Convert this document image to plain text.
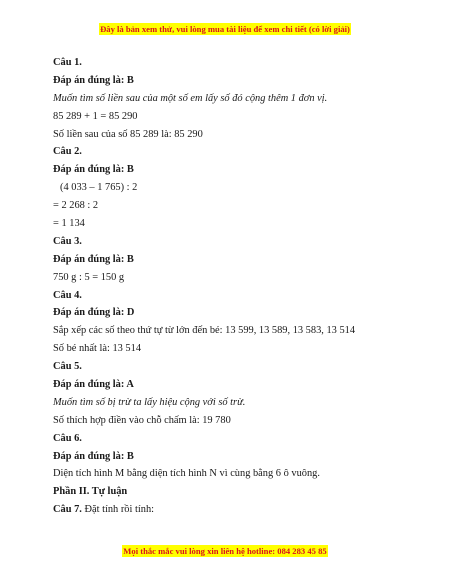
Đây là bản xem thử, vui lòng mua tài liệu để xem chi tiết (có lời giải)
Câu 1.
Đáp án đúng là: B
Muốn tìm số liền sau của một số em lấy số đó cộng thêm 1 đơn vị.
85 289 + 1 = 85 290
Số liền sau của số 85 289 là: 85 290
Câu 2.
Đáp án đúng là: B
(4 033 – 1 765) : 2
= 2 268 : 2
= 1 134
Câu 3.
Đáp án đúng là: B
750 g : 5 = 150 g
Câu 4.
Đáp án đúng là: D
Sắp xếp các số theo thứ tự từ lớn đến bé: 13 599, 13 589, 13 583, 13 514
Số bé nhất là: 13 514
Câu 5.
Đáp án đúng là: A
Muốn tìm số bị trừ ta lấy hiệu cộng với số trừ.
Số thích hợp điền vào chỗ chấm là: 19 780
Câu 6.
Đáp án đúng là: B
Diện tích hình M bằng diện tích hình N vì cùng bằng 6 ô vuông.
Phần II. Tự luận
Câu 7. Đặt tính rồi tính:
Mọi thắc mắc vui lòng xin liên hệ hotline: 084 283 45 85
